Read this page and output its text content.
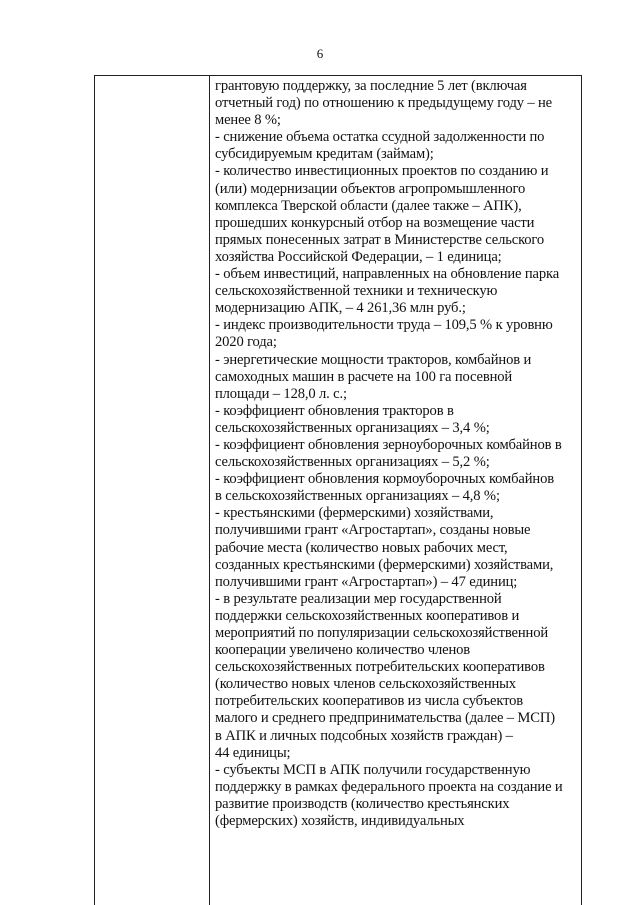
6
грантовую поддержку, за последние 5 лет (включая
отчетный год) по отношению к предыдущему году – не
менее 8 %;
- снижение объема остатка ссудной задолженности по
субсидируемым кредитам (займам);
- количество инвестиционных проектов по созданию и
(или) модернизации объектов агропромышленного
комплекса Тверской области (далее также – АПК),
прошедших конкурсный отбор на возмещение части
прямых понесенных затрат в Министерстве сельского
хозяйства Российской Федерации, – 1 единица;
- объем инвестиций, направленных на обновление парка
сельскохозяйственной техники и техническую
модернизацию АПК, – 4 261,36 млн руб.;
- индекс производительности труда – 109,5 % к уровню
2020 года;
- энергетические мощности тракторов, комбайнов и
самоходных машин в расчете на 100 га посевной
площади – 128,0 л. с.;
- коэффициент обновления тракторов в
сельскохозяйственных организациях – 3,4 %;
- коэффициент обновления зерноуборочных комбайнов в
сельскохозяйственных организациях – 5,2 %;
- коэффициент обновления кормоуборочных комбайнов
в сельскохозяйственных организациях – 4,8 %;
- крестьянскими (фермерскими) хозяйствами,
получившими грант «Агростартап», созданы новые
рабочие места (количество новых рабочих мест,
созданных крестьянскими (фермерскими) хозяйствами,
получившими грант «Агростартап») – 47 единиц;
- в результате реализации мер государственной
поддержки сельскохозяйственных кооперативов и
мероприятий по популяризации сельскохозяйственной
кооперации увеличено количество членов
сельскохозяйственных потребительских кооперативов
(количество новых членов сельскохозяйственных
потребительских кооперативов из числа субъектов
малого и среднего предпринимательства (далее – МСП)
в АПК и личных подсобных хозяйств граждан) –
44 единицы;
- субъекты МСП в АПК получили государственную
поддержку в рамках федерального проекта на создание и
развитие производств (количество крестьянских
(фермерских) хозяйств, индивидуальных
